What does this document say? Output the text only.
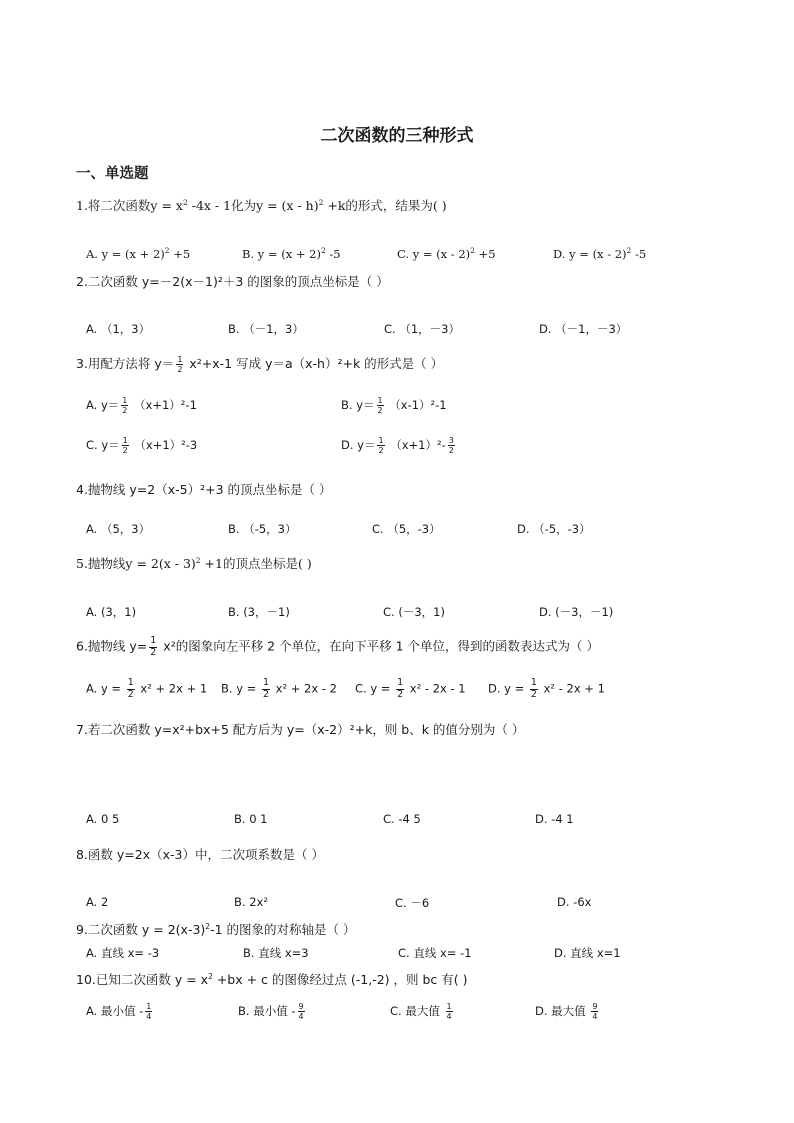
二次函数的三种形式
一、单选题
1.将二次函数$y = x^2$ -4x - 1化为y = (x - h)$^2$ +k的形式，结果为( )
A. $y = (x + 2)^2 +5$	B. $y = (x + 2)^2$ -5	C. y = (x - 2)$^2$ +5	D. y = (x - 2)$^2$ -5
2.二次函数 y=－2(x－1)²＋3 的图象的顶点坐标是（ ）
A. （1，3）	B. （－1，3）	C. （1，－3）	D. （－1，－3）
3.用配方法将 $y= \frac{1}{2} x^2+x-1$ 写成 y＝a（x-h）²+k 的形式是（ ）
A. $y= \frac{1}{2} (x+1)^2-1$	B. $y= \frac{1}{2} (x-1)^2-1$
C. $y= \frac{1}{2} (x+1)^2-3$	D. $y= \frac{1}{2} (x+1)^2- \frac{3}{2}$
4.抛物线 y=2（x-5）²+3 的顶点坐标是（ ）
A. （5，3）	B. （-5，3）	C. （5，-3）	D. （-5，-3）
5.抛物线y = 2(x - 3)$^2$ +1的顶点坐标是( )
A. (3，1)	B. (3，－1)	C. (－3，1)	D. (－3，－1)
6.抛物线 $y= \frac{1}{2} x^2$的图象向左平移 2 个单位，在向下平移 1 个单位，得到的函数表达式为（ ）
A. $y = \frac{1}{2} x^2 + 2x + 1$ B. $y = \frac{1}{2} x^2 + 2x - 2$ C. $y = \frac{1}{2} x^2 - 2x - 1$ D. $y = \frac{1}{2} x^2 - 2x + 1$
7.若二次函数 y=x²+bx+5 配方后为 y=（x-2）²+k，则 b、k 的值分别为（ ）
A. 0 5	B. 0 1	C. -4 5	D. -4 1
8.函数 y=2x（x-3）中，二次项系数是（ ）
A. 2	B. 2x²	C. －6	D. -6x
9.二次函数 $y = 2(x-3)^2-1$ 的图象的对称轴是（ ）
A. 直线 x= -3	B. 直线 x=3	C. 直线 x= -1	D. 直线 x=1
10.已知二次函数 $y = x^2 +bx + c$ 的图像经过点 (-1,-2) ，则 bc 有( )
A. 最小值 - $\frac{1}{4}$	B. 最小值 - $\frac{9}{4}$	C. 最大值 $\frac{1}{4}$	D. 最大值 $\frac{9}{4}$
